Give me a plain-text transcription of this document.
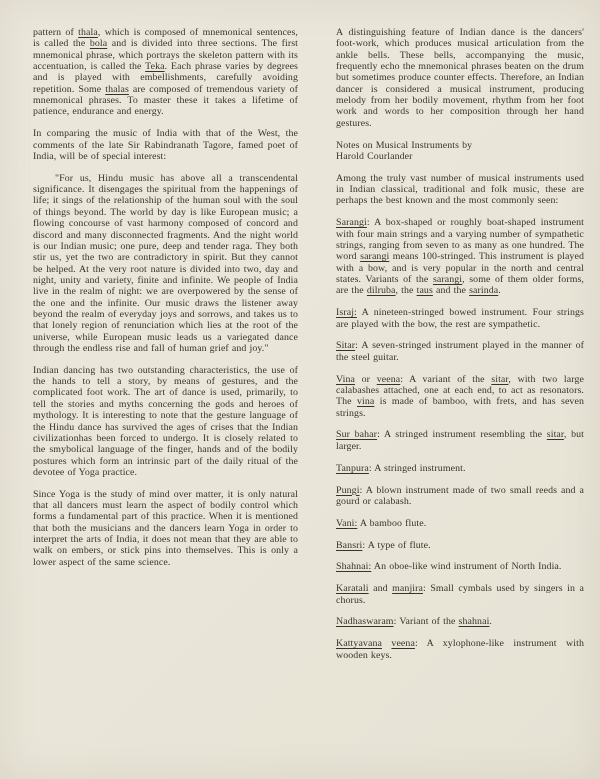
pattern of thala, which is composed of mnemonical sentences, is called the bola and is divided into three sections. The first mnemonical phrase, which portrays the skeleton pattern with its accentuation, is called the Teka. Each phrase varies by degrees and is played with embellishments, carefully avoiding repetition. Some thalas are composed of tremendous variety of mnemonical phrases. To master these it takes a lifetime of patience, endurance and energy.

In comparing the music of India with that of the West, the comments of the late Sir Rabindranath Tagore, famed poet of India, will be of special interest:

"For us, Hindu music has above all a transcendental significance. It disengages the spiritual from the happenings of life; it sings of the relationship of the human soul with the soul of things beyond. The world by day is like European music; a flowing concourse of vast harmony composed of concord and discord and many disconnected fragments. And the night world is our Indian music; one pure, deep and tender raga. They both stir us, yet the two are contradictory in spirit. But they cannot be helped. At the very root nature is divided into two, day and night, unity and variety, finite and infinite. We people of India live in the realm of night: we are overpowered by the sense of the one and the infinite. Our music draws the listener away beyond the realm of everyday joys and sorrows, and takes us to that lonely region of renunciation which lies at the root of the universe, while European music leads us a variegated dance through the endless rise and fall of human grief and joy."

Indian dancing has two outstanding characteristics, the use of the hands to tell a story, by means of gestures, and the complicated foot work. The art of dance is used, primarily, to tell the stories and myths concerning the gods and heroes of mythology. It is interesting to note that the gesture language of the Hindu dance has survived the ages of crises that the Indian civilizationhas been forced to undergo. It is closely related to the smybolical language of the finger, hands and of the bodily postures which form an intrinsic part of the daily ritual of the devotee of Yoga practice.

Since Yoga is the study of mind over matter, it is only natural that all dancers must learn the aspect of bodily control which forms a fundamental part of this practice. When it is mentioned that both the musicians and the dancers learn Yoga in order to interpret the arts of India, it does not mean that they are able to walk on embers, or stick pins into themselves. This is only a lower aspect of the same science.

A distinguishing feature of Indian dance is the dancers' foot-work, which produces musical articulation from the ankle bells. These bells, accompanying the music, frequently echo the mnemonical phrases beaten on the drum but sometimes produce counter effects. Therefore, an Indian dancer is considered a musical instrument, producing melody from her bodily movement, rhythm from her foot work and words to her composition through her hand gestures.

Notes on Musical Instruments by
Harold Courlander

Among the truly vast number of musical instruments used in Indian classical, traditional and folk music, these are perhaps the best known and the most commonly seen:

Sarangi: A box-shaped or roughly boat-shaped instrument with four main strings and a varying number of sympathetic strings, ranging from seven to as many as one hundred. The word sarangi means 100-stringed. This instrument is played with a bow, and is very popular in the north and central states. Variants of the sarangi, some of them older forms, are the dilruba, the taus and the sarinda.

Israj: A nineteen-stringed bowed instrument. Four strings are played with the bow, the rest are sympathetic.

Sitar: A seven-stringed instrument played in the manner of the steel guitar.

Vina or veena: A variant of the sitar, with two large calabashes attached, one at each end, to act as resonators. The vina is made of bamboo, with frets, and has seven strings.

Sur bahar: A stringed instrument resembling the sitar, but larger.

Tanpura: A stringed instrument.

Pungi: A blown instrument made of two small reeds and a gourd or calabash.

Vani: A bamboo flute.

Bansri: A type of flute.

Shahnai: An oboe-like wind instrument of North India.

Karatali and manjira: Small cymbals used by singers in a chorus.

Nadhaswaram: Variant of the shahnai.

Kattyavana veena: A xylophone-like instrument with wooden keys.
